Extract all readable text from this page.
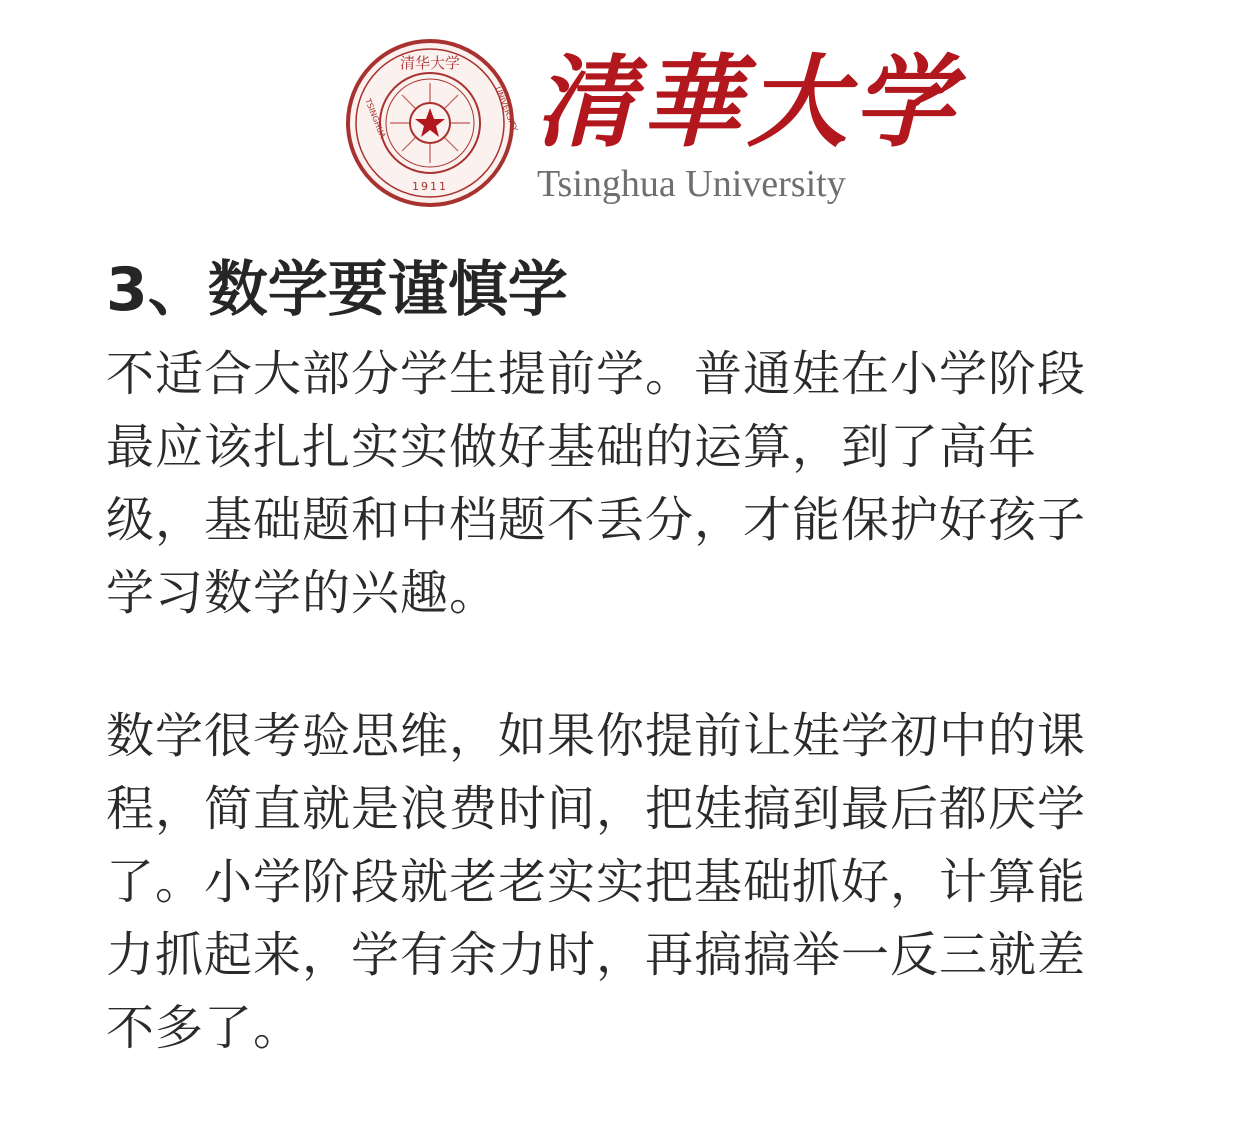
清华大学
1911
TSINGHUA	UNIVERSITY 清華大学
Tsinghua University
3、数学要谨慎学

不适合大部分学生提前学。普通娃在小学阶段
最应该扎扎实实做好基础的运算，到了高年
级，基础题和中档题不丢分，才能保护好孩子
学习数学的兴趣。

数学很考验思维，如果你提前让娃学初中的课
程，简直就是浪费时间，把娃搞到最后都厌学
了。小学阶段就老老实实把基础抓好，计算能
力抓起来，学有余力时，再搞搞举一反三就差
不多了。
